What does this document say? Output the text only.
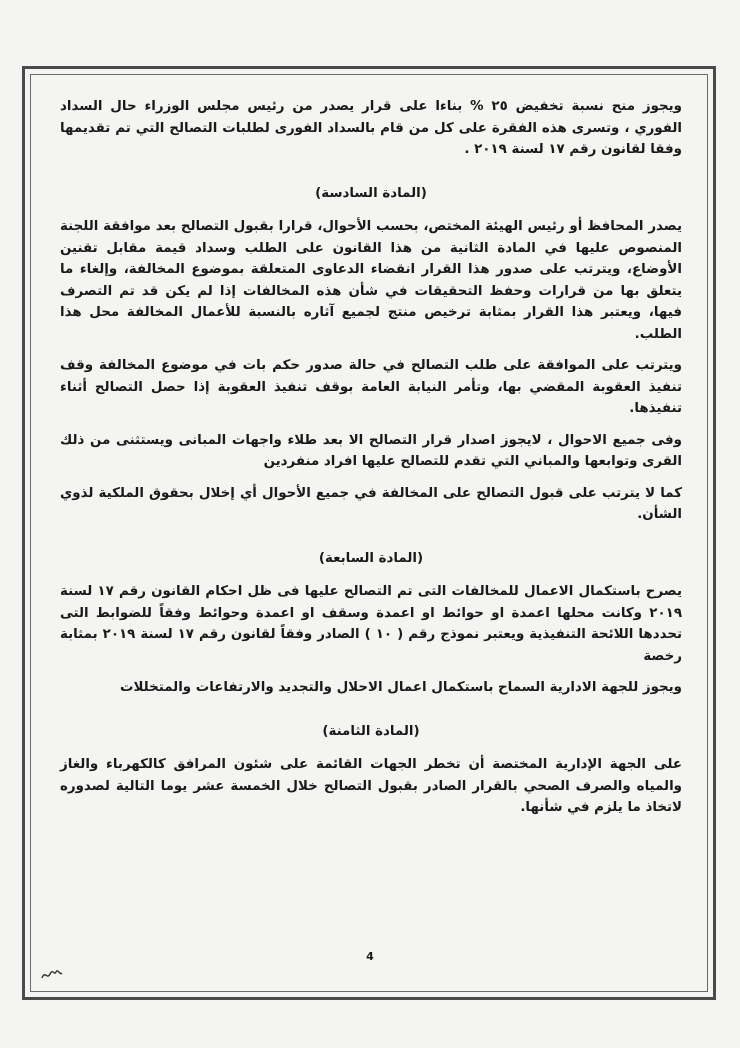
ويجوز منح نسبة تخفيض ٢٥ % بناءا على قرار يصدر من رئيس مجلس الوزراء حال السداد الفوري ، وتسرى هذه الفقرة على كل من قام بالسداد الفورى لطلبات التصالح التي تم تقديمها وفقا لقانون رقم ١٧ لسنة ٢٠١٩ .

(المادة السادسة)

يصدر المحافظ أو رئيس الهيئة المختص، بحسب الأحوال، قرارا بقبول التصالح بعد موافقة اللجنة المنصوص عليها في المادة الثانية من هذا القانون على الطلب وسداد قيمة مقابل تقنين الأوضاع، ويترتب على صدور هذا القرار انقضاء الدعاوى المتعلقة بموضوع المخالفة، وإلغاء ما يتعلق بها من قرارات وحفظ التحقيقات في شأن هذه المخالفات إذا لم يكن قد تم التصرف فيها، ويعتبر هذا القرار بمثابة ترخيص منتج لجميع آثاره بالنسبة للأعمال المخالفة محل هذا الطلب.

ويترتب على الموافقة على طلب التصالح في حالة صدور حكم بات في موضوع المخالفة وقف تنفيذ العقوبة المقضي بها، وتأمر النيابة العامة بوقف تنفيذ العقوبة إذا حصل التصالح أثناء تنفيذها.

وفى جميع الاحوال ، لايجوز اصدار قرار التصالح الا بعد طلاء واجهات المبانى ويستثنى من ذلك القرى وتوابعها والمباني التي تقدم للتصالح عليها افراد منفردين

كما لا يترتب على قبول التصالح على المخالفة في جميع الأحوال أي إخلال بحقوق الملكية لذوي الشأن.

(المادة السابعة)

يصرح باستكمال الاعمال للمخالفات التى تم التصالح عليها فى ظل احكام القانون رقم ١٧ لسنة ٢٠١٩ وكانت محلها اعمدة او حوائط او اعمدة وسقف او اعمدة وحوائط وفقاً للضوابط التى تحددها اللائحة التنفيذية ويعتبر نموذج رقم ( ١٠ ) الصادر وفقاً لقانون رقم ١٧ لسنة ٢٠١٩ بمثابة رخصة

ويجوز للجهة الادارية السماح باستكمال اعمال الاحلال والتجديد والارتفاعات والمتخللات

(المادة الثامنة)

على الجهة الإدارية المختصة أن تخطر الجهات القائمة على شئون المرافق كالكهرباء والغاز والمياه والصرف الصحي بالقرار الصادر بقبول التصالح خلال الخمسة عشر يوما التالية لصدوره لاتخاذ ما يلزم في شأنها.

4
